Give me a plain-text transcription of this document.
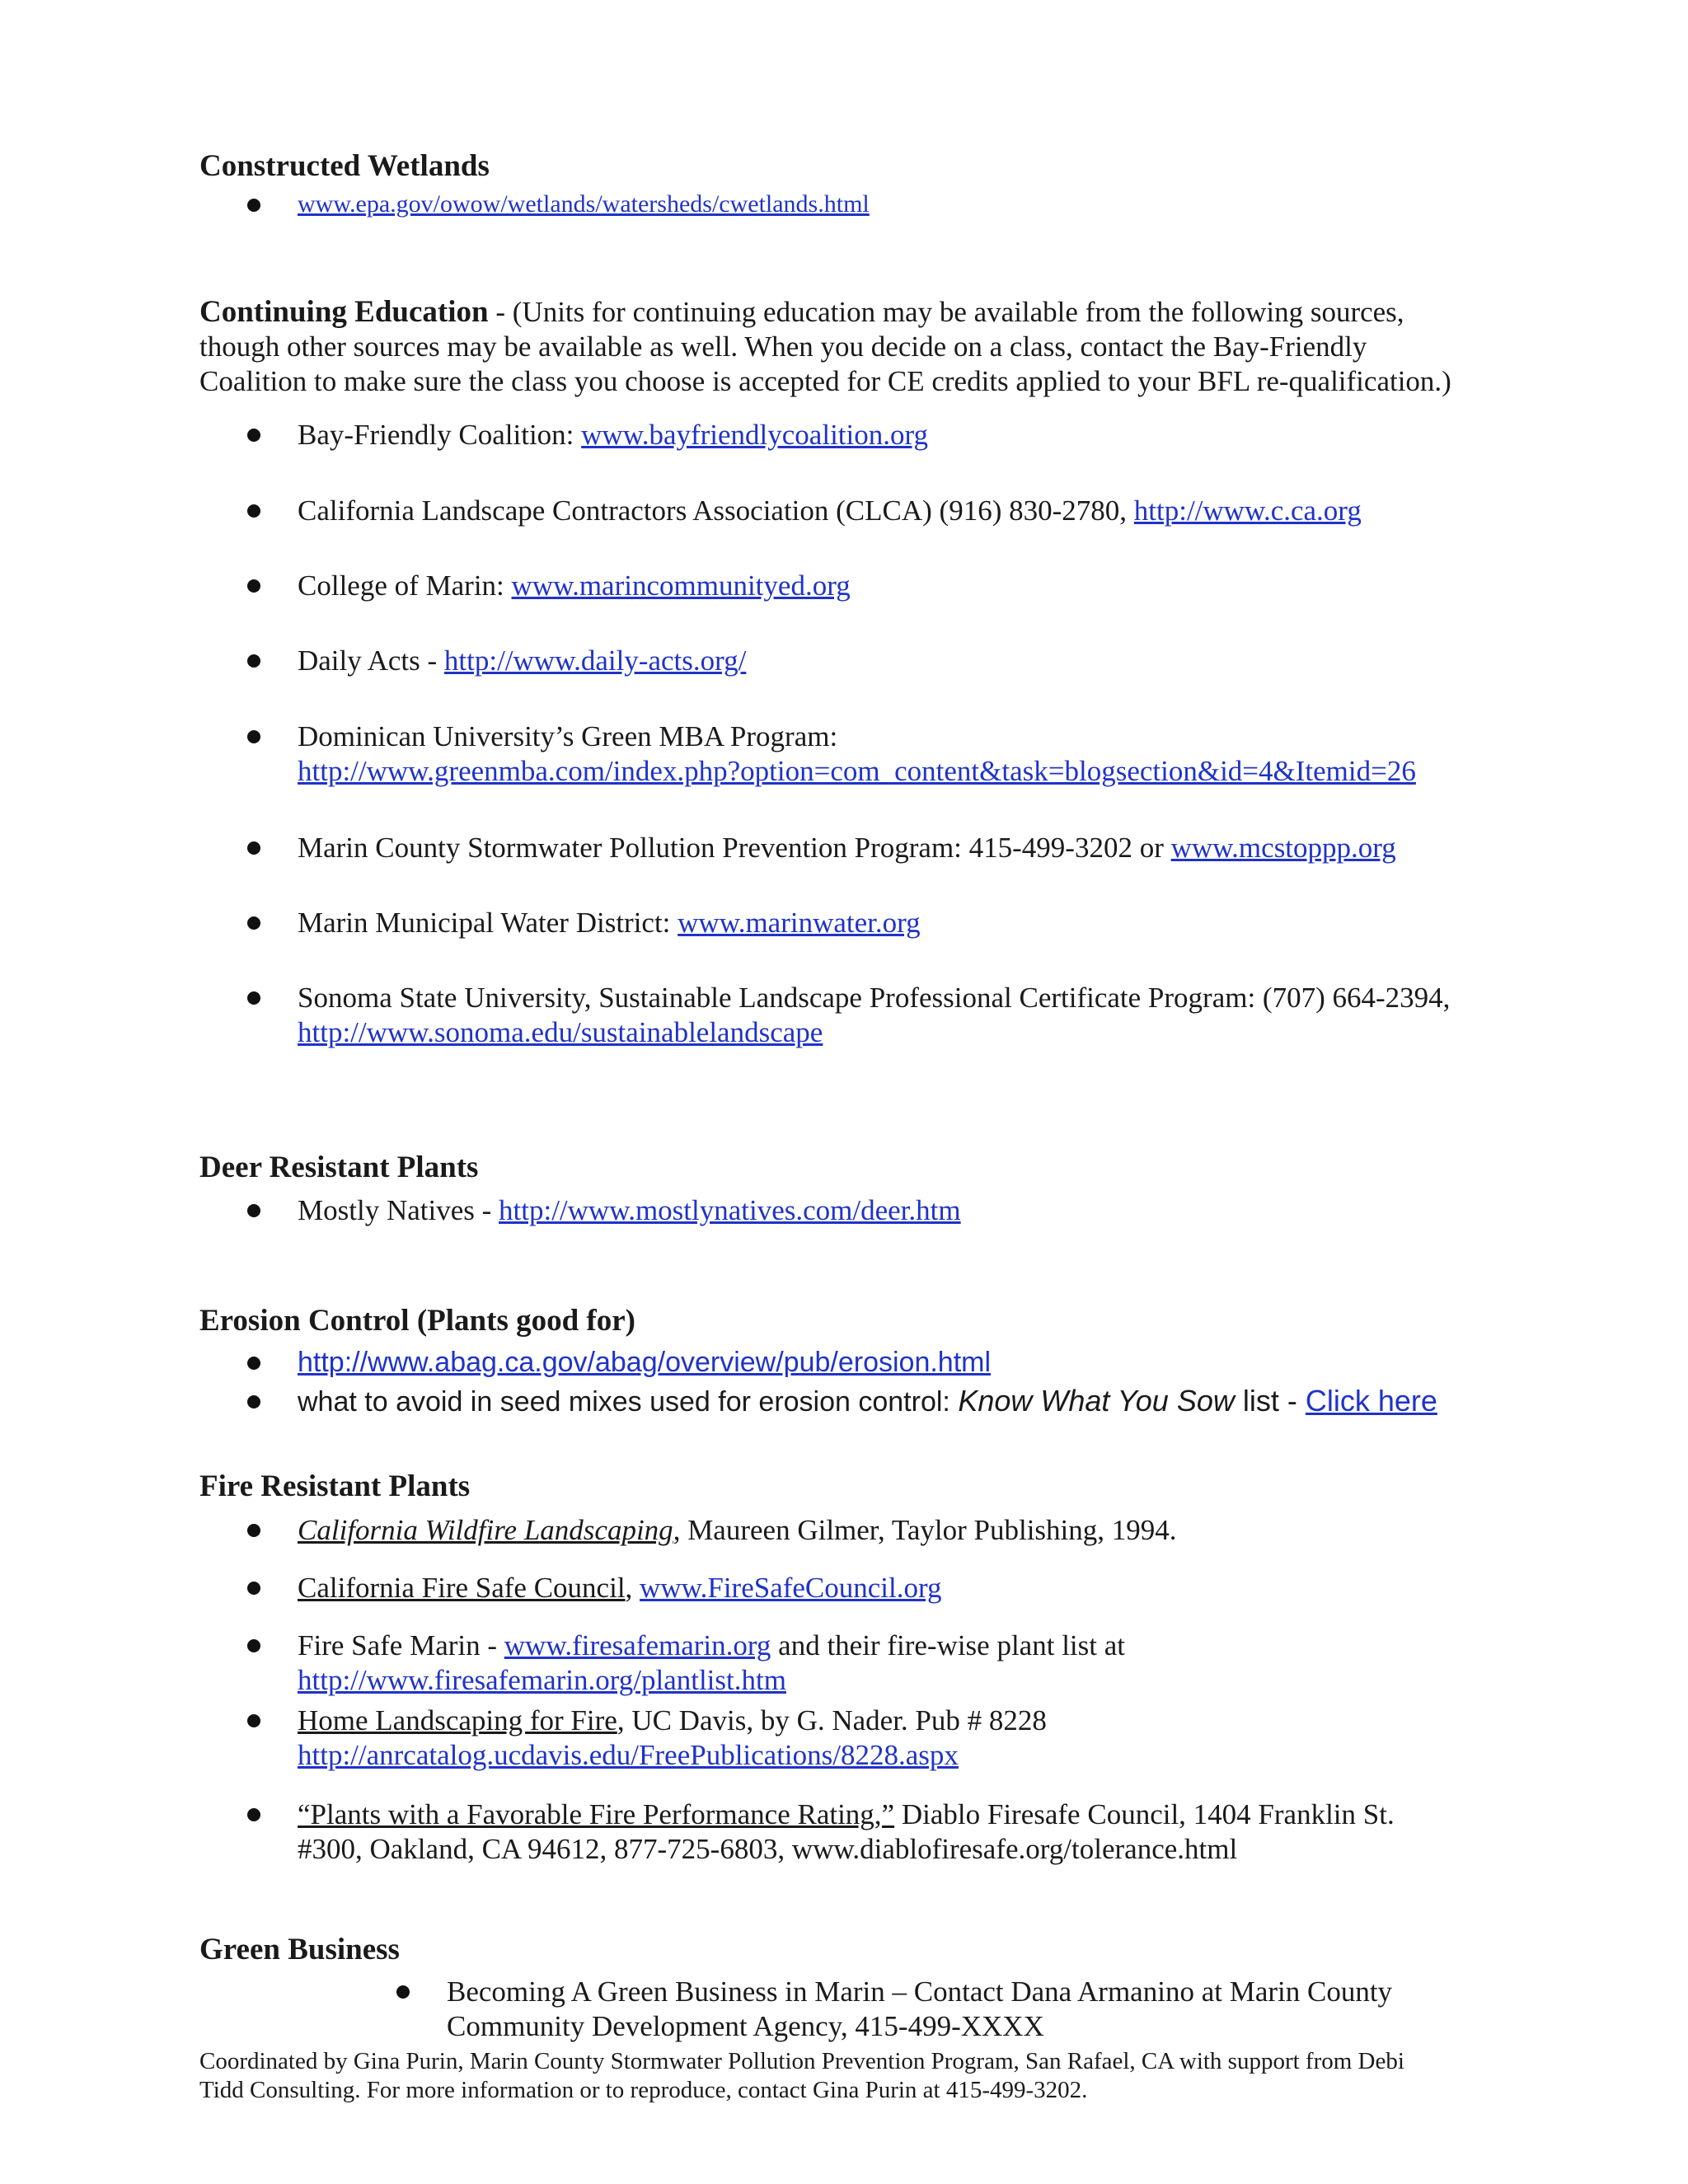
Constructed Wetlands
www.epa.gov/owow/wetlands/watersheds/cwetlands.html
Continuing Education - (Units for continuing education may be available from the following sources,
though other sources may be available as well. When you decide on a class, contact the Bay-Friendly
Coalition to make sure the class you choose is accepted for CE credits applied to your BFL re-qualification.)
Bay-Friendly Coalition: www.bayfriendlycoalition.org
California Landscape Contractors Association (CLCA) (916) 830-2780, http://www.c.ca.org
College of Marin: www.marincommunityed.org
Daily Acts - http://www.daily-acts.org/
Dominican University’s Green MBA Program:
http://www.greenmba.com/index.php?option=com_content&task=blogsection&id=4&Itemid=26
Marin County Stormwater Pollution Prevention Program: 415-499-3202 or www.mcstoppp.org
Marin Municipal Water District: www.marinwater.org
Sonoma State University, Sustainable Landscape Professional Certificate Program: (707) 664-2394,
http://www.sonoma.edu/sustainablelandscape
Deer Resistant Plants
Mostly Natives - http://www.mostlynatives.com/deer.htm
Erosion Control (Plants good for)
http://www.abag.ca.gov/abag/overview/pub/erosion.html
what to avoid in seed mixes used for erosion control: Know What You Sow list - Click here
Fire Resistant Plants
California Wildfire Landscaping, Maureen Gilmer, Taylor Publishing, 1994.
California Fire Safe Council, www.FireSafeCouncil.org
Fire Safe Marin - www.firesafemarin.org and their fire-wise plant list at
http://www.firesafemarin.org/plantlist.htm
Home Landscaping for Fire, UC Davis, by G. Nader. Pub # 8228
http://anrcatalog.ucdavis.edu/FreePublications/8228.aspx
“Plants with a Favorable Fire Performance Rating,” Diablo Firesafe Council, 1404 Franklin St.
#300, Oakland, CA 94612, 877-725-6803, www.diablofiresafe.org/tolerance.html
Green Business
Becoming A Green Business in Marin – Contact Dana Armanino at Marin County
Community Development Agency, 415-499-XXXX
Coordinated by Gina Purin, Marin County Stormwater Pollution Prevention Program, San Rafael, CA with support from Debi
Tidd Consulting. For more information or to reproduce, contact Gina Purin at 415-499-3202.
